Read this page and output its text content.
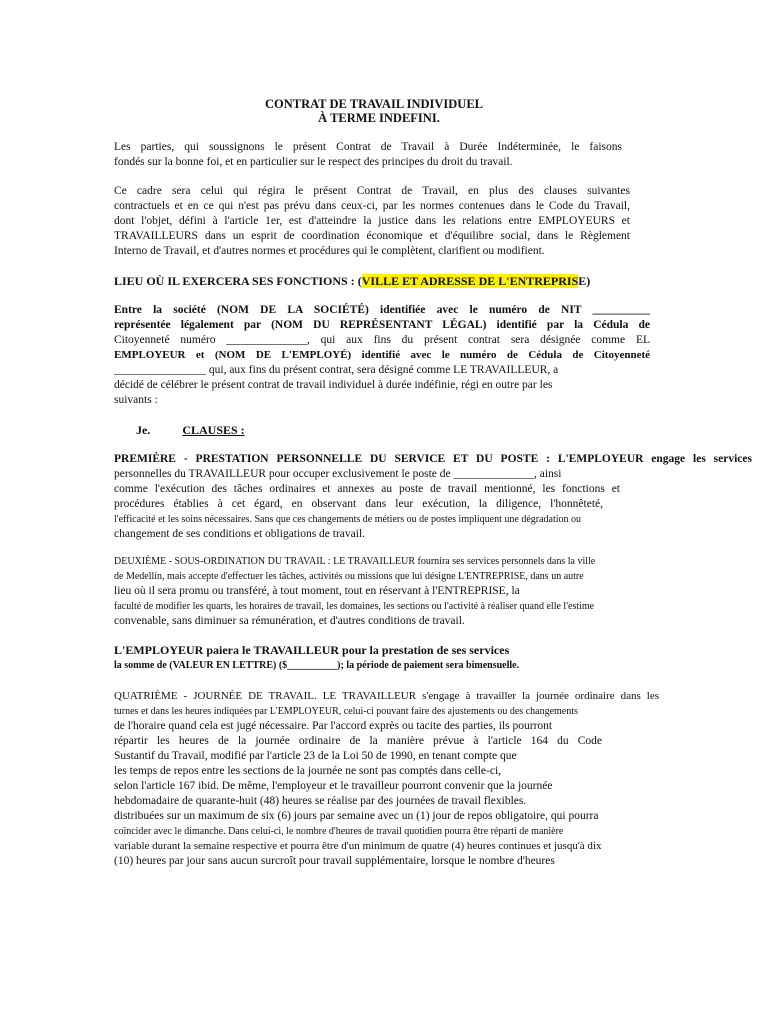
CONTRAT DE TRAVAIL INDIVIDUEL
À TERME INDEFINI.
Les parties, qui soussignons le présent Contrat de Travail à Durée Indéterminée, le faisons
fondés sur la bonne foi, et en particulier sur le respect des principes du droit du travail.
Ce cadre sera celui qui régira le présent Contrat de Travail, en plus des clauses suivantes
contractuels et en ce qui n'est pas prévu dans ceux-ci, par les normes contenues dans le Code du Travail,
dont l'objet, défini à l'article 1er, est d'atteindre la justice dans les relations entre EMPLOYEURS et
TRAVAILLEURS dans un esprit de coordination économique et d'équilibre social, dans le Règlement
Interno de Travail, et d'autres normes et procédures qui le complètent, clarifient ou modifient.
LIEU OÙ IL EXERCERA SES FONCTIONS : (VILLE ET ADRESSE DE L'ENTREPRISE)
Entre la société (NOM DE LA SOCIÉTÉ) identifiée avec le numéro de NIT __________
représentée légalement par (NOM DU REPRÉSENTANT LÉGAL) identifié par la Cédula de
Citoyenneté numéro ______________, qui aux fins du présent contrat sera désignée comme EL
EMPLOYEUR et (NOM DE L'EMPLOYÉ) identifié avec le numéro de Cédula de Citoyenneté
________________ qui, aux fins du présent contrat, sera désigné comme LE TRAVAILLEUR, a
décidé de célébrer le présent contrat de travail individuel à durée indéfinie, régi en outre par les
suivants :
Je.	CLAUSES :
PREMIÈRE - PRESTATION PERSONNELLE DU SERVICE ET DU POSTE : L'EMPLOYEUR engage les services
personnelles du TRAVAILLEUR pour occuper exclusivement le poste de ______________, ainsi
comme l'exécution des tâches ordinaires et annexes au poste de travail mentionné, les fonctions et
procédures établies à cet égard, en observant dans leur exécution, la diligence, l'honnêteté,
l'efficacité et les soins nécessaires. Sans que ces changements de métiers ou de postes impliquent une dégradation ou
changement de ses conditions et obligations de travail.
DEUXIÈME - SOUS-ORDINATION DU TRAVAIL : LE TRAVAILLEUR fournira ses services personnels dans la ville
de Medellín, mais accepte d'effectuer les tâches, activités ou missions que lui désigne L'ENTREPRISE, dans un autre
lieu où il sera promu ou transféré, à tout moment, tout en réservant à l'ENTREPRISE, la
faculté de modifier les quarts, les horaires de travail, les domaines, les sections ou l'activité à réaliser quand elle l'estime
convenable, sans diminuer sa rémunération, et d'autres conditions de travail.
L'EMPLOYEUR paiera le TRAVAILLEUR pour la prestation de ses services
la somme de (VALEUR EN LETTRE) ($__________); la période de paiement sera bimensuelle.
QUATRIÈME - JOURNÉE DE TRAVAIL. LE TRAVAILLEUR s'engage à travailler la journée ordinaire dans les
turnes et dans les heures indiquées par L'EMPLOYEUR, celui-ci pouvant faire des ajustements ou des changements
de l'horaire quand cela est jugé nécessaire. Par l'accord exprès ou tacite des parties, ils pourront
répartir les heures de la journée ordinaire de la manière prévue à l'article 164 du Code
Sustantif du Travail, modifié par l'article 23 de la Loi 50 de 1990, en tenant compte que
les temps de repos entre les sections de la journée ne sont pas comptés dans celle-ci,
selon l'article 167 ibid. De même, l'employeur et le travailleur pourront convenir que la journée
hebdomadaire de quarante-huit (48) heures se réalise par des journées de travail flexibles.
distribuées sur un maximum de six (6) jours par semaine avec un (1) jour de repos obligatoire, qui pourra
coïncider avec le dimanche. Dans celui-ci, le nombre d'heures de travail quotidien pourra être réparti de manière
variable durant la semaine respective et pourra être d'un minimum de quatre (4) heures continues et jusqu'à dix
(10) heures par jour sans aucun surcroît pour travail supplémentaire, lorsque le nombre d'heures
